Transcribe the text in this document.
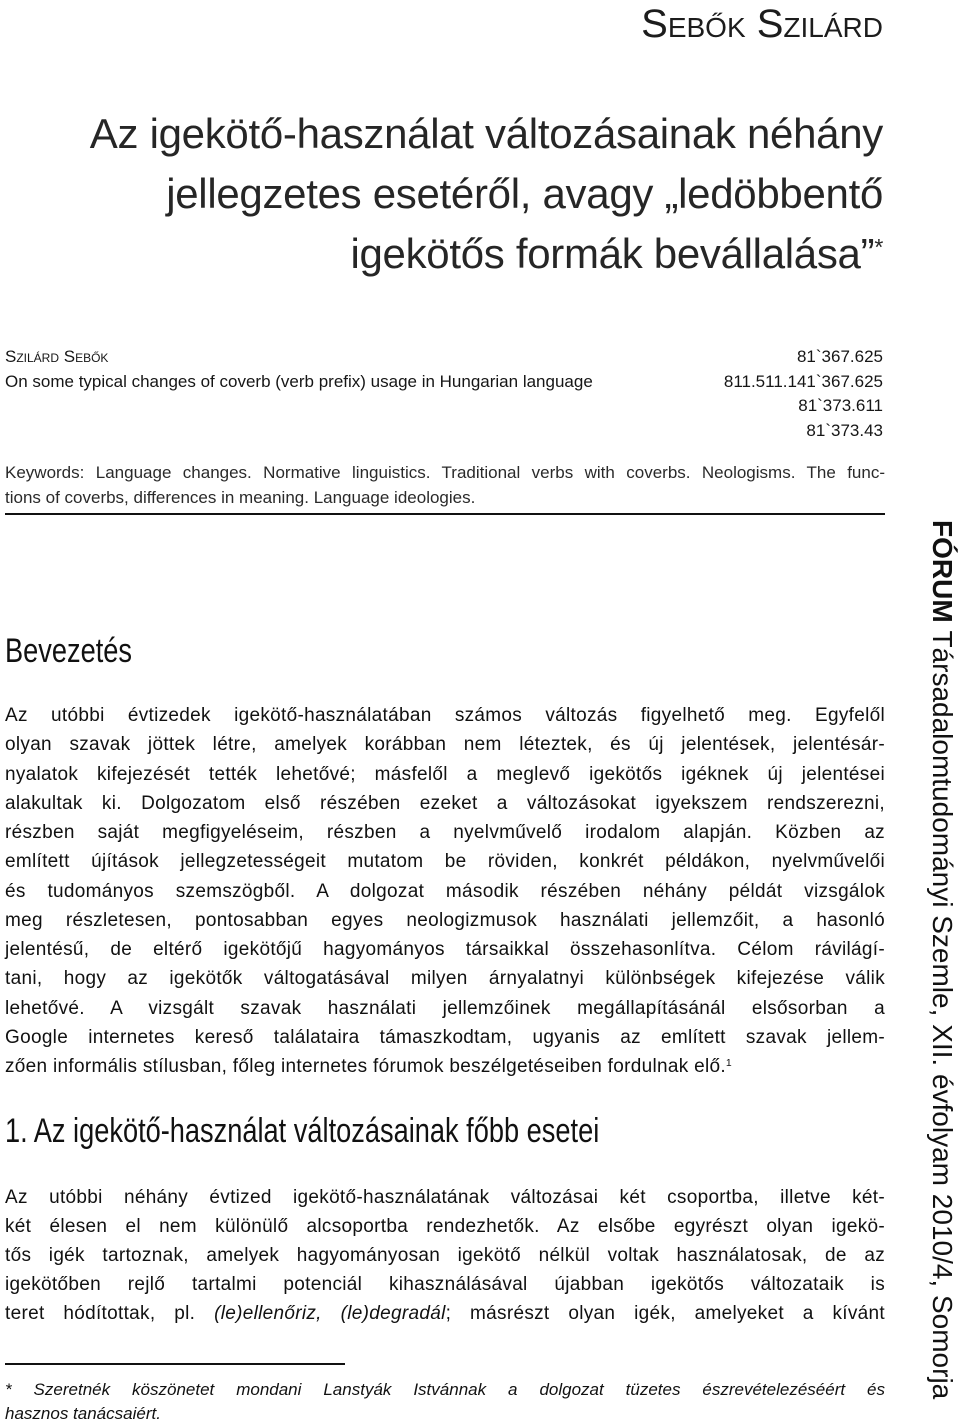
Sebők Szilárd
Az igekötő-használat változásainak néhány
jellegzetes esetéről, avagy „ledöbbentő
igekötős formák bevállalása”*
Szilárd Sebők
On some typical changes of coverb (verb prefix) usage in Hungarian language
81`367.625
811.511.141`367.625
81`373.611
81`373.43
Keywords: Language changes. Normative linguistics. Traditional verbs with coverbs. Neologisms. The func-
tions of coverbs, differences in meaning. Language ideologies.
Bevezetés
Az utóbbi évtizedek igekötő-használatában számos változás figyelhető meg. Egyfelől
olyan szavak jöttek létre, amelyek korábban nem léteztek, és új jelentések, jelentésár-
nyalatok kifejezését tették lehetővé; másfelől a meglevő igekötős igéknek új jelentései
alakultak ki. Dolgozatom első részében ezeket a változásokat igyekszem rendszerezni,
részben saját megfigyeléseim, részben a nyelvművelő irodalom alapján. Közben az
említett újítások jellegzetességeit mutatom be röviden, konkrét példákon, nyelvművelői
és tudományos szemszögből. A dolgozat második részében néhány példát vizsgálok
meg részletesen, pontosabban egyes neologizmusok használati jellemzőit, a hasonló
jelentésű, de eltérő igekötőjű hagyományos társaikkal összehasonlítva. Célom rávilágí-
tani, hogy az igekötők váltogatásával milyen árnyalatnyi különbségek kifejezése válik
lehetővé. A vizsgált szavak használati jellemzőinek megállapításánál elsősorban a
Google internetes kereső találataira támaszkodtam, ugyanis az említett szavak jellem-
zően informális stílusban, főleg internetes fórumok beszélgetéseiben fordulnak elő.$^1$
1. Az igekötő-használat változásainak főbb esetei
Az utóbbi néhány évtized igekötő-használatának változásai két csoportba, illetve két-
két élesen el nem különülő alcsoportba rendezhetők. Az elsőbe egyrészt olyan igekö-
tős igék tartoznak, amelyek hagyományosan igekötő nélkül voltak használatosak, de az
igekötőben rejlő tartalmi potenciál kihasználásával újabban igekötős változataik is
teret hódítottak, pl. (le)ellenőriz, (le)degradál; másrészt olyan igék, amelyeket a kívánt
* Szeretnék köszönetet mondani Lanstyák Istvánnak a dolgozat tüzetes észrevételezéséért és
hasznos tanácsaiért.
FÓRUM Társadalomtudományi Szemle, XII. évfolyam 2010/4, Somorja
